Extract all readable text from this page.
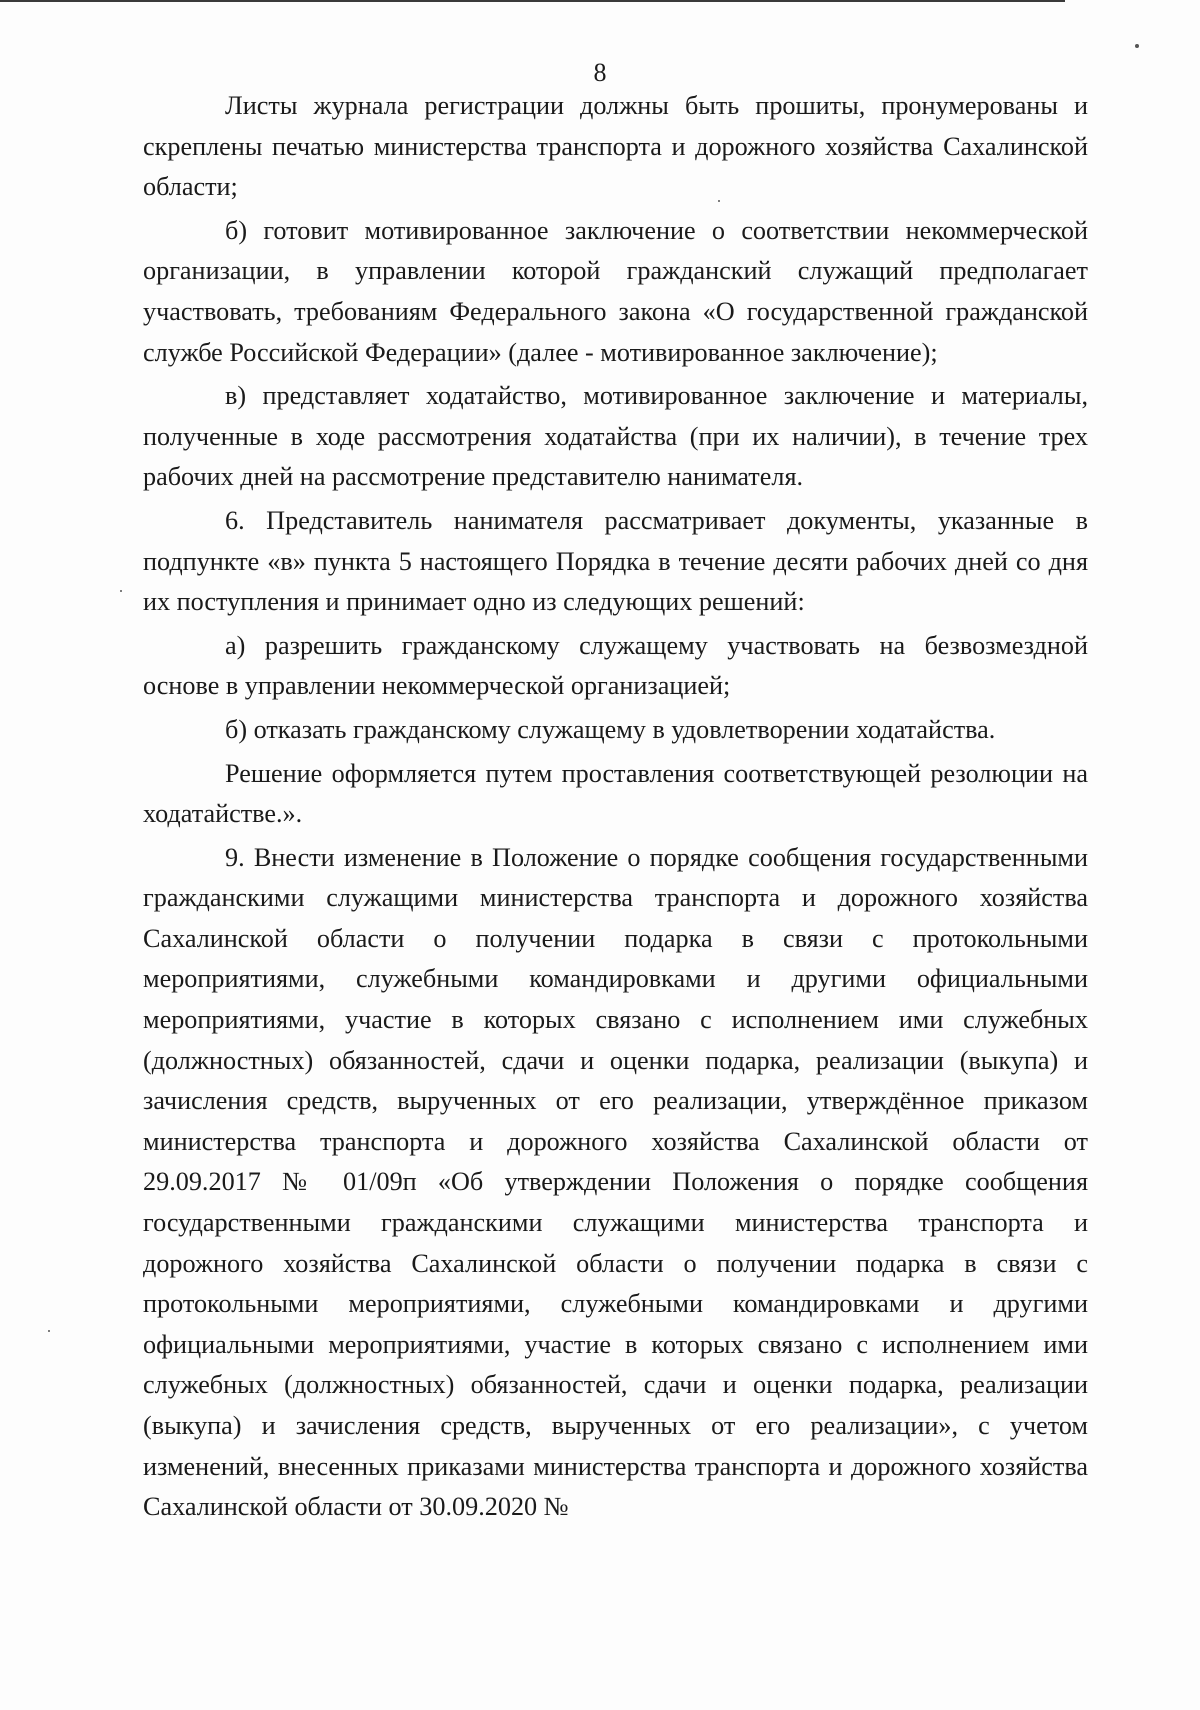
8

Листы журнала регистрации должны быть прошиты, пронумерованы и скреплены печатью министерства транспорта и дорожного хозяйства Сахалинской области;

б) готовит мотивированное заключение о соответствии некоммерческой организации, в управлении которой гражданский служащий предполагает участвовать, требованиям Федерального закона «О государственной гражданской службе Российской Федерации» (далее - мотивированное заключение);

в) представляет ходатайство, мотивированное заключение и материалы, полученные в ходе рассмотрения ходатайства (при их наличии), в течение трех рабочих дней на рассмотрение представителю нанимателя.

6. Представитель нанимателя рассматривает документы, указанные в подпункте «в» пункта 5 настоящего Порядка в течение десяти рабочих дней со дня их поступления и принимает одно из следующих решений:

а) разрешить гражданскому служащему участвовать на безвозмездной основе в управлении некоммерческой организацией;

б) отказать гражданскому служащему в удовлетворении ходатайства.

Решение оформляется путем проставления соответствующей резолюции на ходатайстве.».

9. Внести изменение в Положение о порядке сообщения государственными гражданскими служащими министерства транспорта и дорожного хозяйства Сахалинской области о получении подарка в связи с протокольными мероприятиями, служебными командировками и другими официальными мероприятиями, участие в которых связано с исполнением ими служебных (должностных) обязанностей, сдачи и оценки подарка, реализации (выкупа) и зачисления средств, вырученных от его реализации, утверждённое приказом министерства транспорта и дорожного хозяйства Сахалинской области от 29.09.2017 № 01/09п «Об утверждении Положения о порядке сообщения государственными гражданскими служащими министерства транспорта и дорожного хозяйства Сахалинской области о получении подарка в связи с протокольными мероприятиями, служебными командировками и другими официальными мероприятиями, участие в которых связано с исполнением ими служебных (должностных) обязанностей, сдачи и оценки подарка, реализации (выкупа) и зачисления средств, вырученных от его реализации», с учетом изменений, внесенных приказами министерства транспорта и дорожного хозяйства Сахалинской области от 30.09.2020 №
